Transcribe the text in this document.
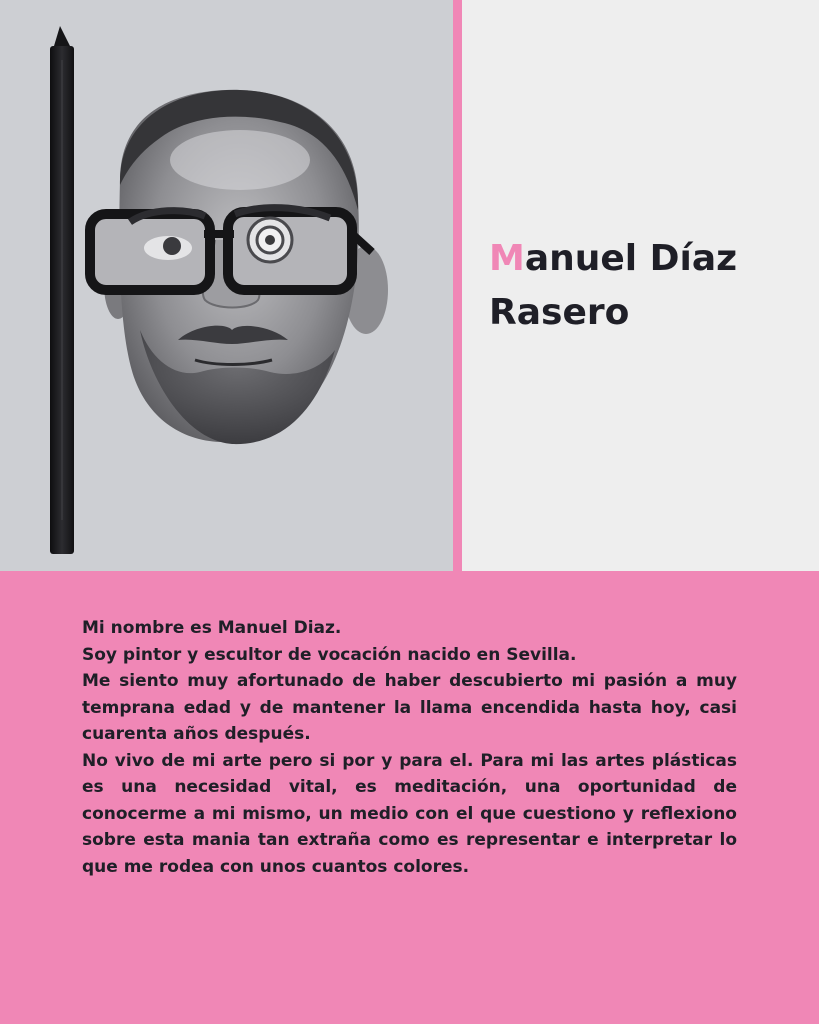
Manuel Díaz
Rasero

Mi nombre es Manuel Diaz.

Soy pintor y escultor de vocación nacido en Sevilla.

Me siento muy afortunado de haber descubierto mi pasión a muy temprana edad y de mantener la llama encendida hasta hoy, casi cuarenta años después.

No vivo de mi arte pero si por y para el. Para mi las artes plásticas es una necesidad vital, es meditación, una oportunidad de conocerme a mi mismo, un medio con el que cuestiono y reflexiono sobre esta mania tan extraña como es representar e interpretar lo que me rodea con unos cuantos colores.
